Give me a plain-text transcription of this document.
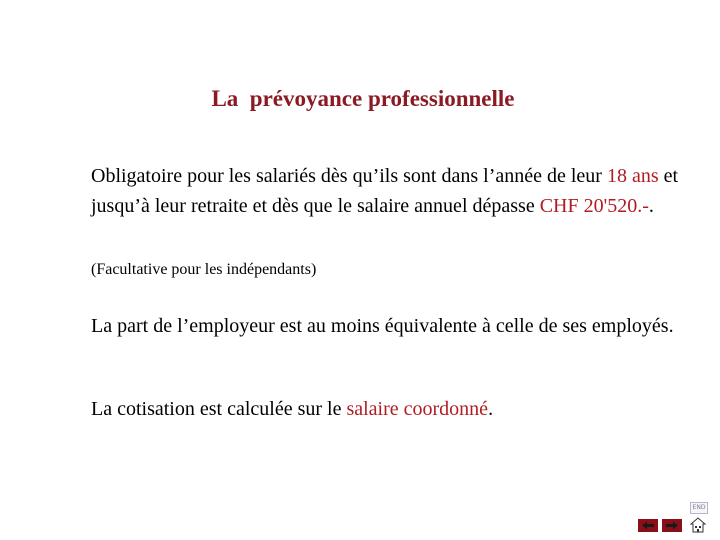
La  prévoyance professionnelle
Obligatoire pour les salariés dès qu’ils sont dans l’année de leur 18 ans et jusqu’à leur retraite et dès que le salaire annuel dépasse CHF 20'520.-.
(Facultative pour les indépendants)
La part de l’employeur est au moins équivalente à celle de ses employés.
La cotisation est calculée sur le salaire coordonné.
END
